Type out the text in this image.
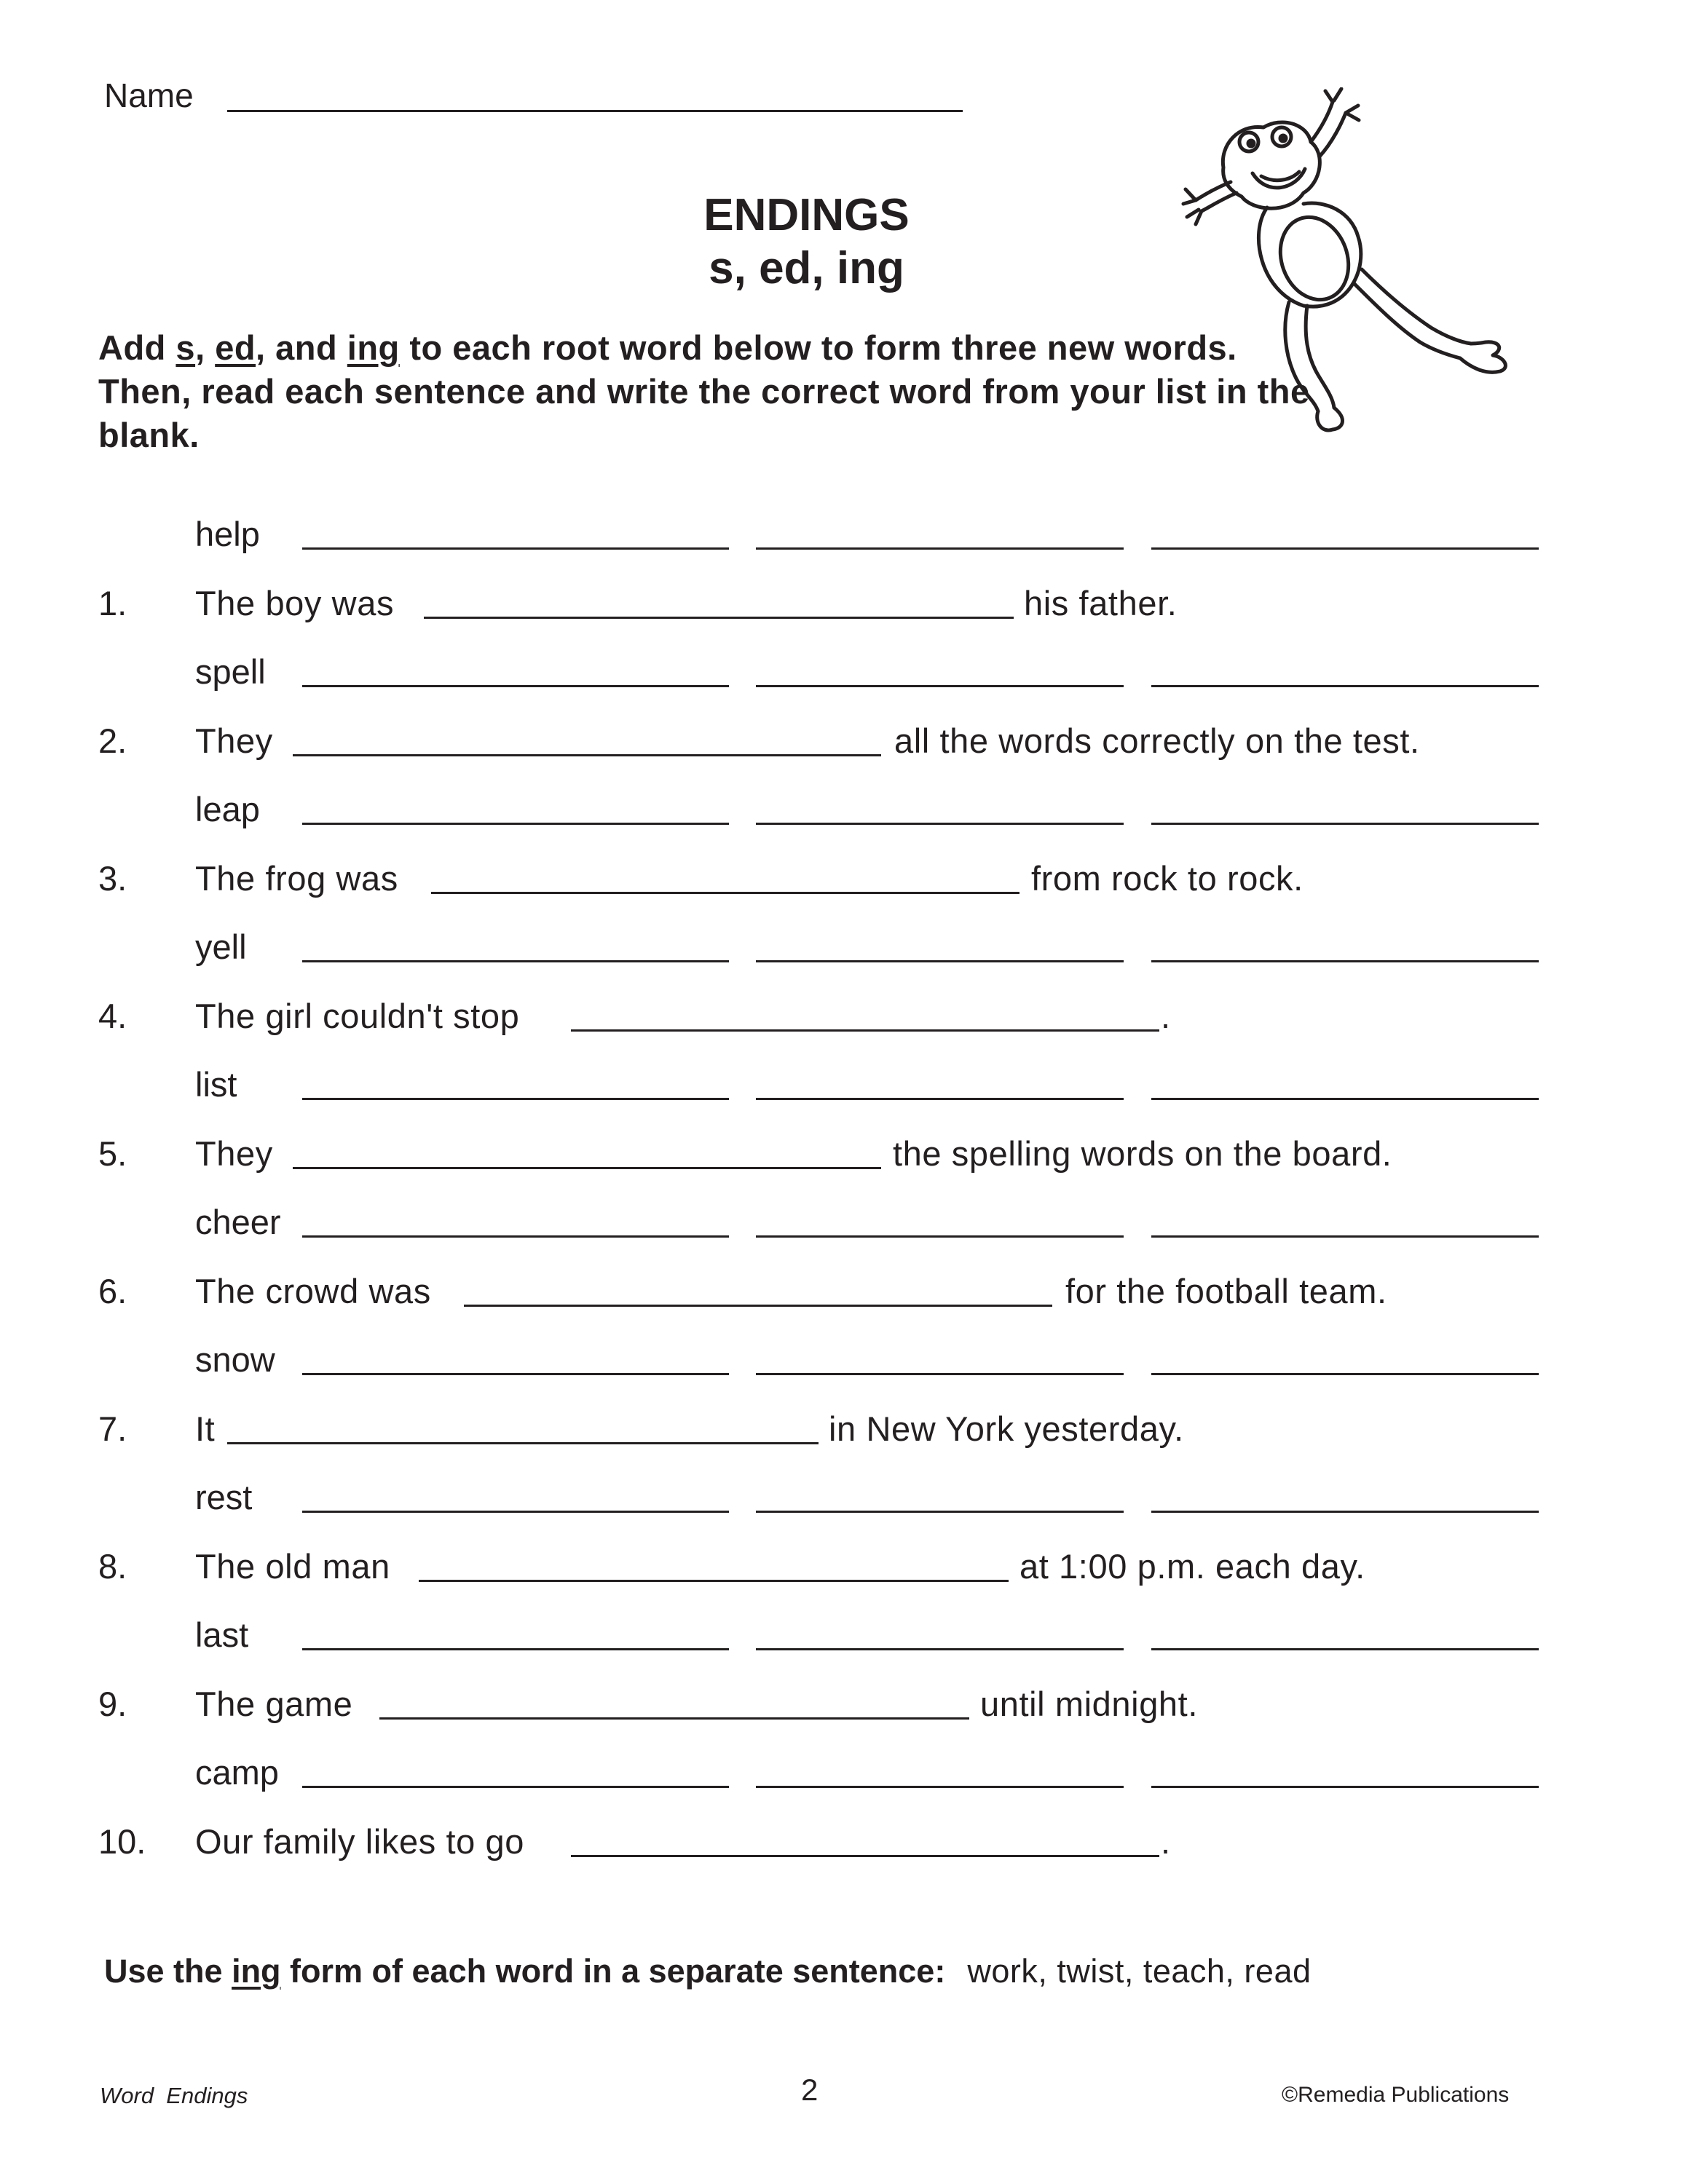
Name
ENDINGS
s, ed, ing
Add s, ed, and ing to each root word below to form three new words. Then, read each sentence and write the correct word from your list in the blank.
help
1. The boy was	his father.
spell
2. They	all the words correctly on the test.
leap
3. The frog was	from rock to rock.
yell
4. The girl couldn't stop	.
list
5. They	the spelling words on the board.
cheer
6. The crowd was	for the football team.
snow
7. It	in New York yesterday.
rest
8. The old man	at 1:00 p.m. each day.
last
9. The game	until midnight.
camp
10. Our family likes to go	.
Use the ing form of each word in a separate sentence: work, twist, teach, read
Word  Endings	2	©Remedia Publications
